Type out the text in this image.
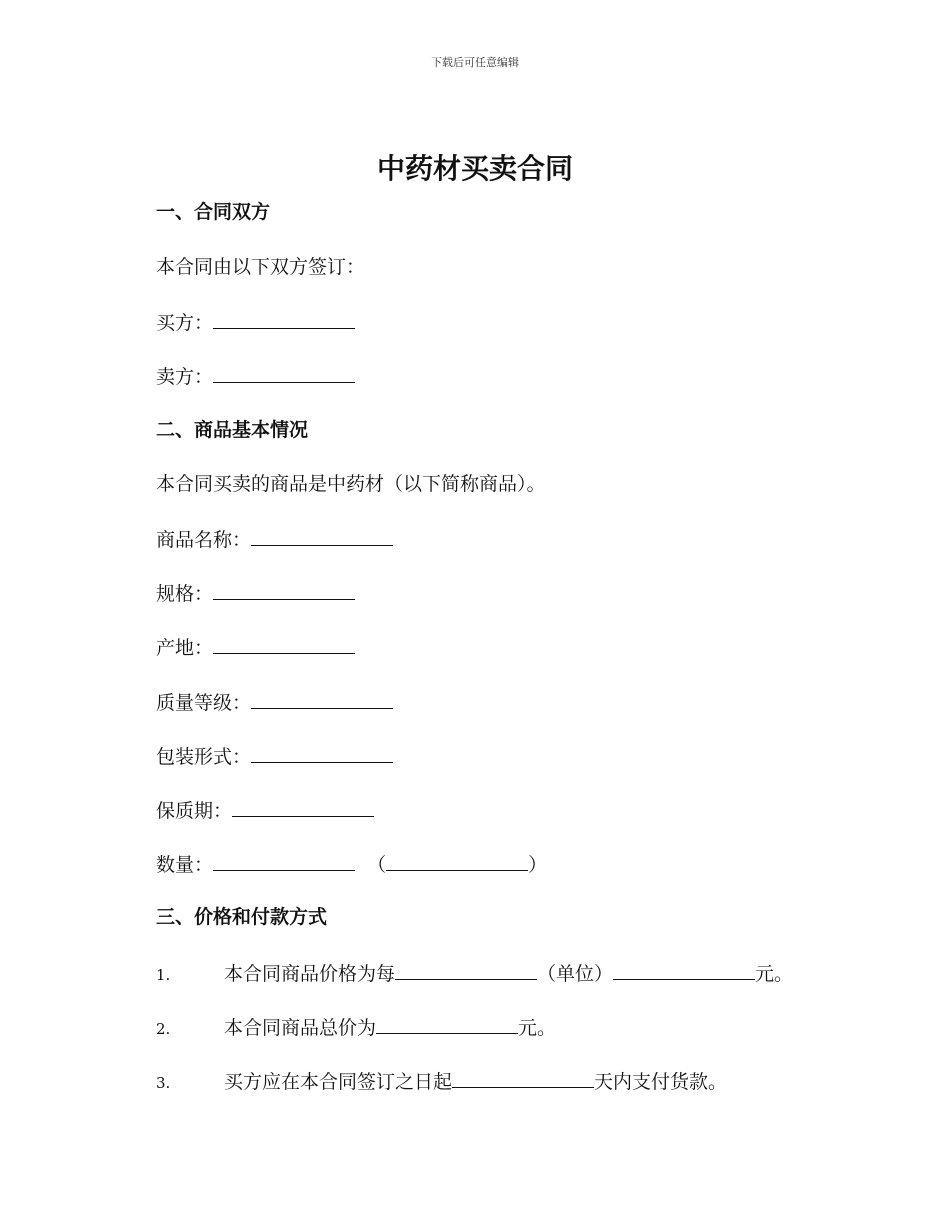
下载后可任意编辑
中药材买卖合同
一、合同双方
本合同由以下双方签订：
买方：
卖方：
二、商品基本情况
本合同买卖的商品是中药材（以下简称商品）。
商品名称：
规格：
产地：
质量等级：
包装形式：
保质期：
数量：	（	）
三、价格和付款方式
1.	本合同商品价格为每	（单位）	元。
2.	本合同商品总价为	元。
3.	买方应在本合同签订之日起	天内支付货款。
